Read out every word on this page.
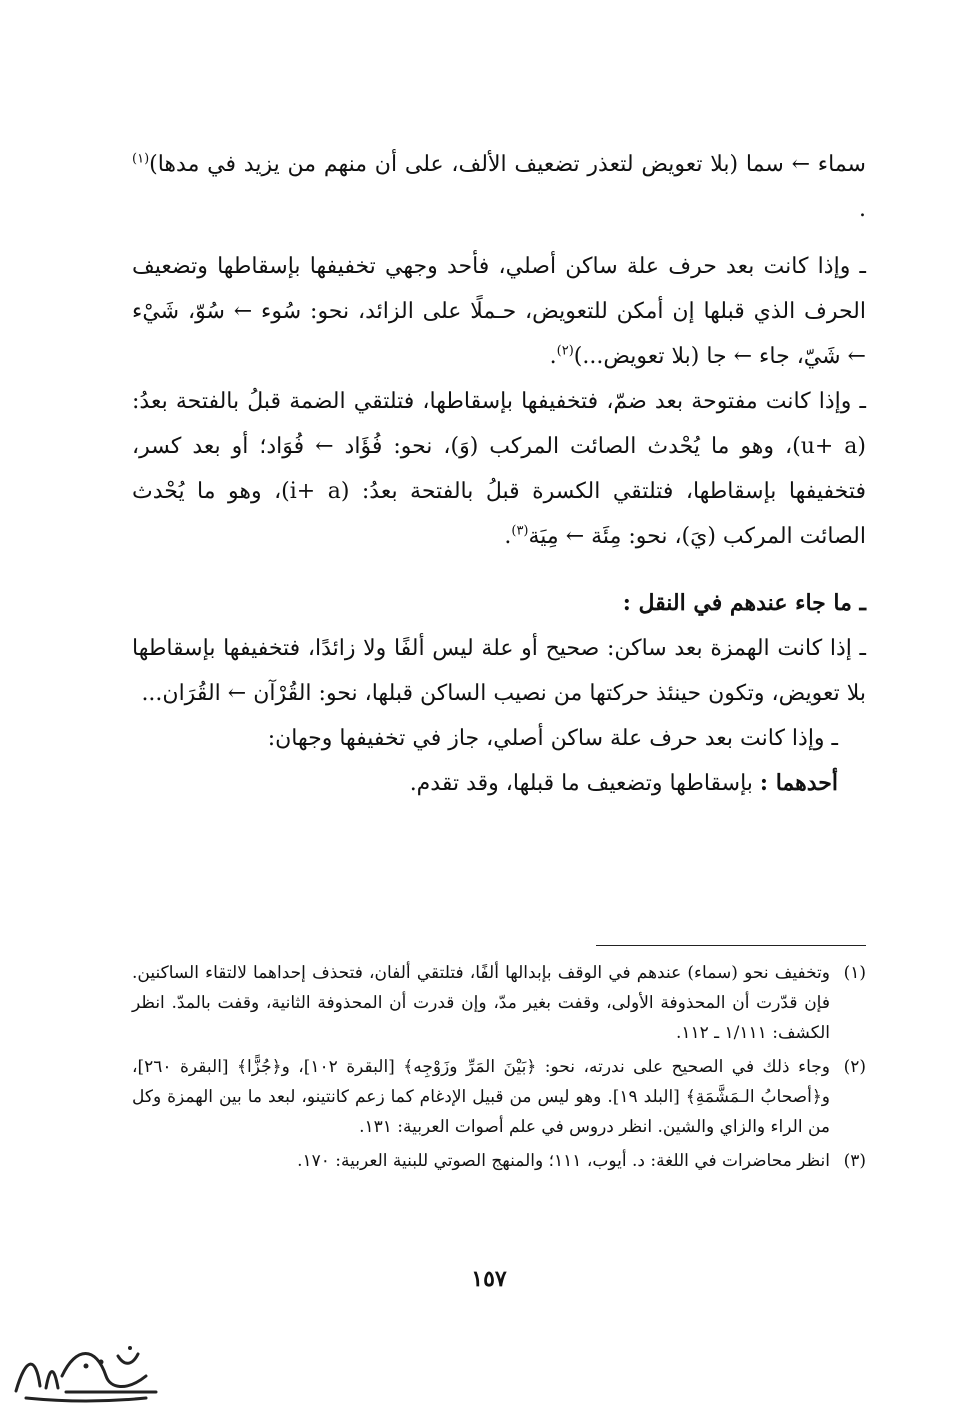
سماء ← سما (بلا تعويض لتعذر تضعيف الألف، على أن منهم من يزيد في مدها)$^{(١)}$ .

ـ وإذا كانت بعد حرف علة ساكن أصلي، فأحد وجهي تخفيفها بإسقاطها وتضعيف الحرف الذي قبلها إن أمكن للتعويض، حـملًا على الزائد، نحو: سُوء ← سُوّ، شَيْء ← شَيّ، جاء ← جا (بلا تعويض...)$^{(٢)}$.

ـ وإذا كانت مفتوحة بعد ضمّ، فتخفيفها بإسقاطها، فتلتقي الضمة قبلُ بالفتحة بعدُ: (u+ a)، وهو ما يُحْدث الصائت المركب (وَ)، نحو: فُؤَاد ← فُوَاد؛ أو بعد كسر، فتخفيفها بإسقاطها، فتلتقي الكسرة قبلُ بالفتحة بعدُ: (i+ a)، وهو ما يُحْدث الصائت المركب (يَ)، نحو: مِئَة ← مِيَة$^{(٣)}$.

ـ ما جاء عندهم في النقل :

ـ إذا كانت الهمزة بعد ساكن: صحيح أو علة ليس ألفًا ولا زائدًا، فتخفيفها بإسقاطها بلا تعويض، وتكون حينئذ حركتها من نصيب الساكن قبلها، نحو: القُرْآن ← القُرَان...

ـ وإذا كانت بعد حرف علة ساكن أصلي، جاز في تخفيفها وجهان:

أحدهما : بإسقاطها وتضعيف ما قبلها، وقد تقدم.

(١)
وتخفيف نحو (سماء) عندهم في الوقف بإبدالها ألفًا، فتلتقي ألفان، فتحذف إحداهما لالتقاء الساكنين. فإن قدّرت أن المحذوفة الأولى، وقفت بغير مدّ، وإن قدرت أن المحذوفة الثانية، وقفت بالمدّ. انظر الكشف: ١/١١١ ـ ١١٢.
(٢)
وجاء ذلك في الصحيح على ندرته، نحو: ﴿بَيْنَ المَرِّ وزَوْجِه﴾ [البقرة ١٠٢]، و﴿جُزًّا﴾ [البقرة ٢٦٠]، و﴿أصحابُ الـمَشَّمَةِ﴾ [البلد ١٩]. وهو ليس من قبيل الإدغام كما زعم كانتينو، لبعد ما بين الهمزة وكل من الراء والزاي والشين. انظر دروس في علم أصوات العربية: ١٣١.
(٣)
انظر محاضرات في اللغة: د. أيوب، ١١١؛ والمنهج الصوتي للبنية العربية: ١٧٠.
١٥٧
